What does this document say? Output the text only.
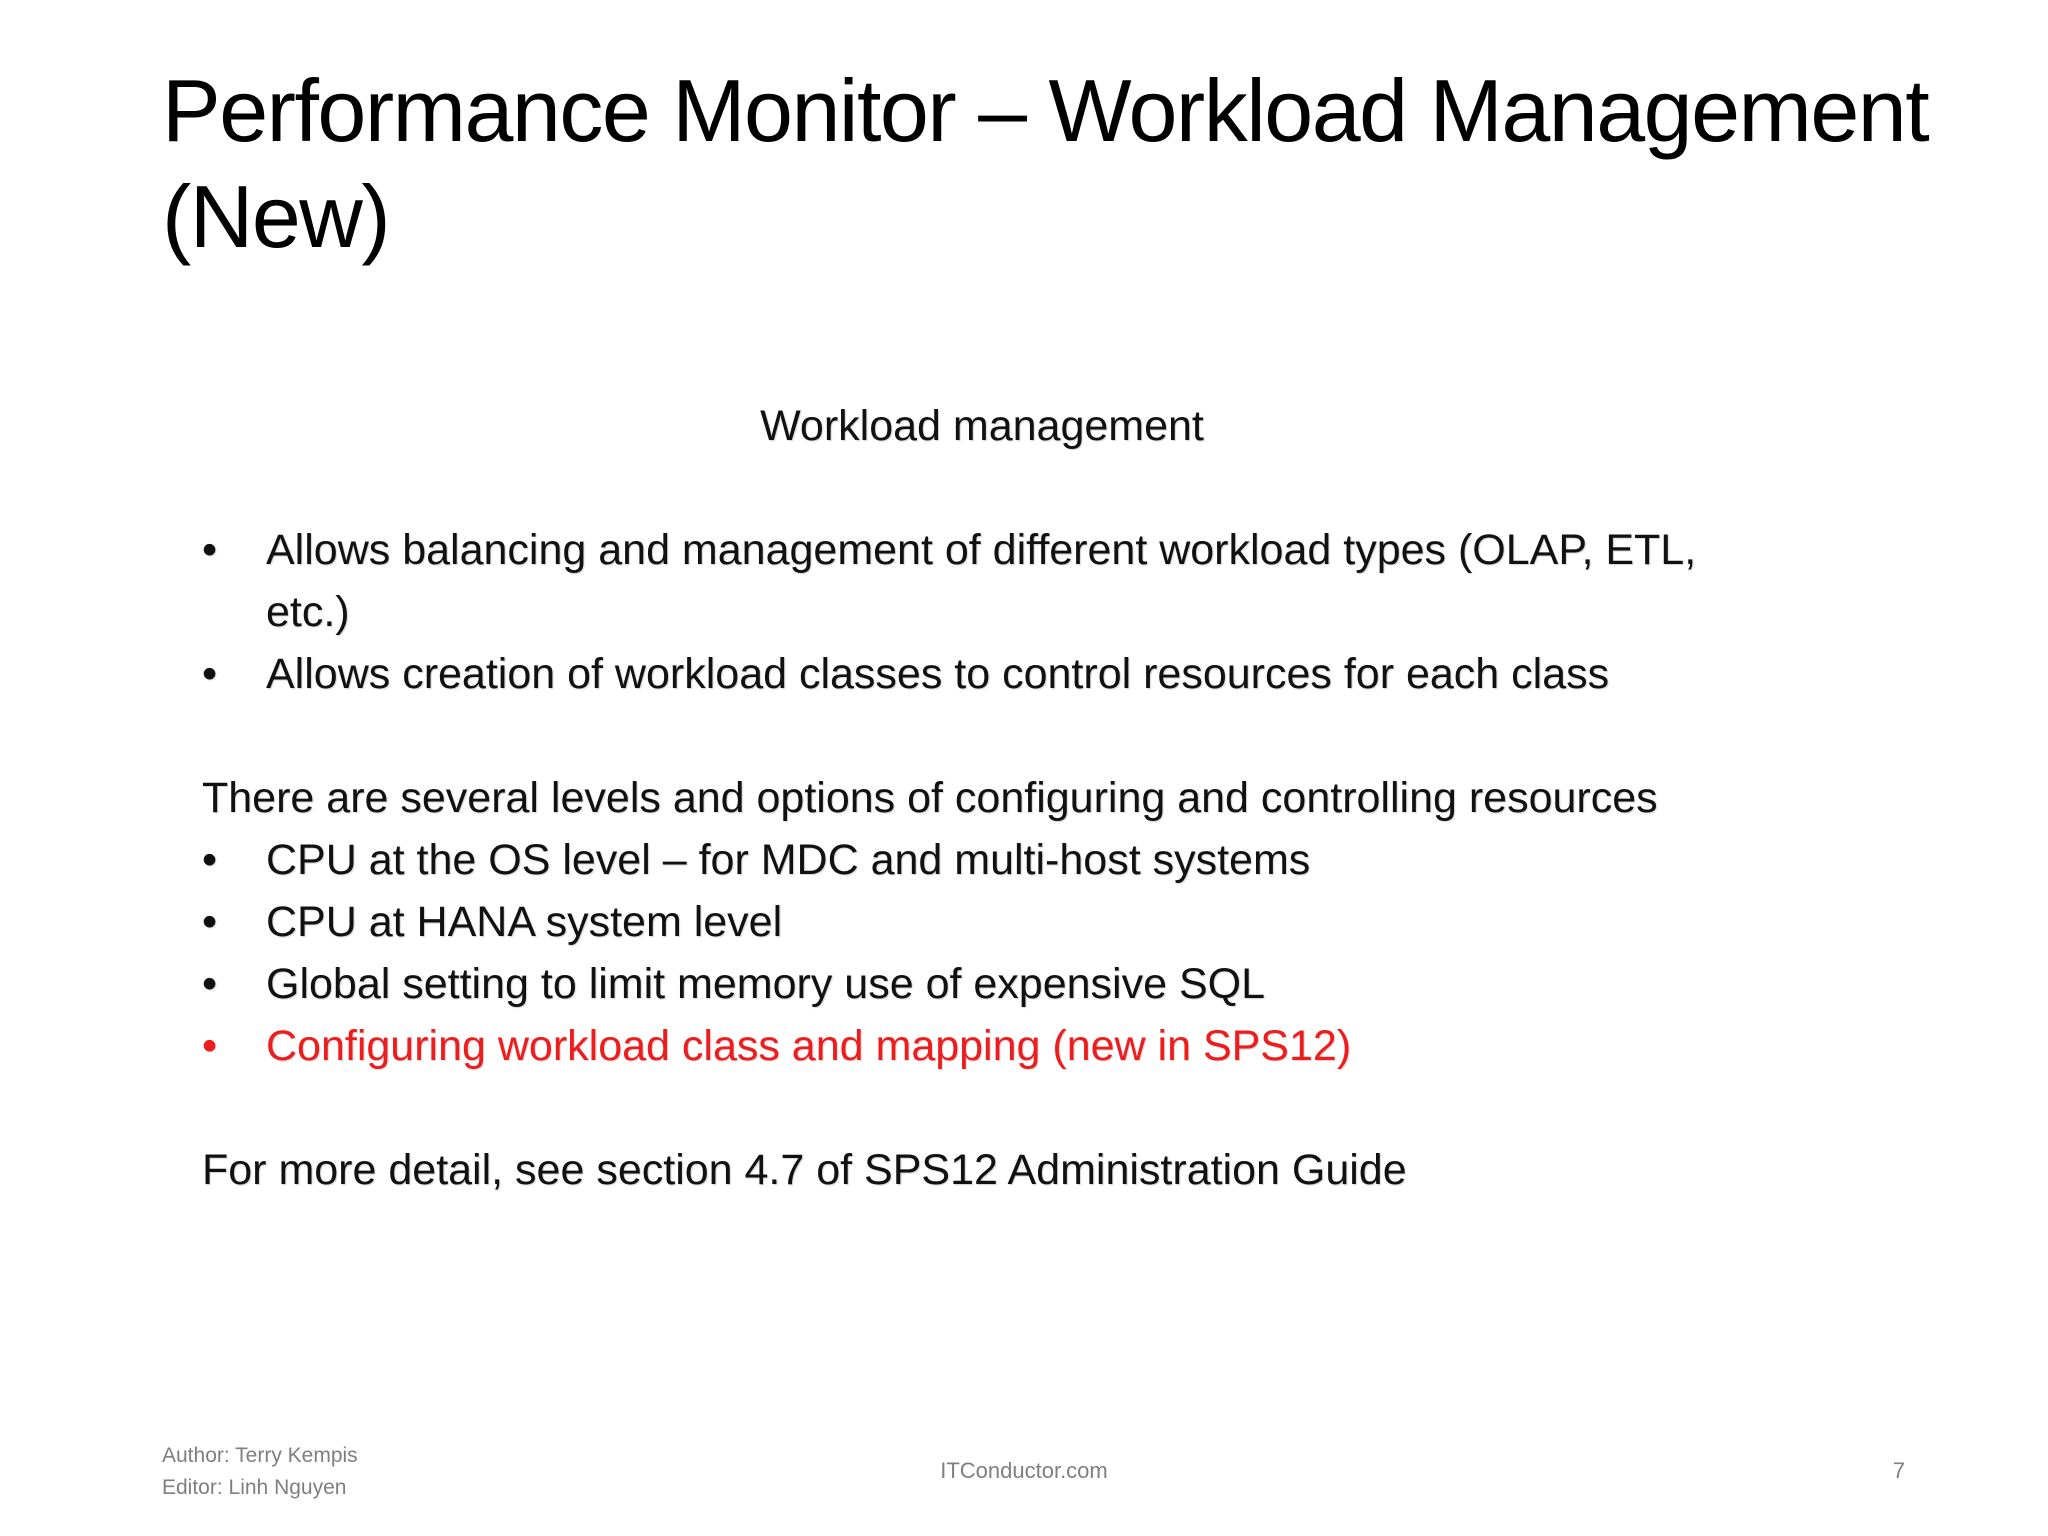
Performance Monitor – Workload Management (New)

Workload management

• Allows balancing and management of different workload types (OLAP, ETL, etc.)
• Allows creation of workload classes to control resources for each class

There are several levels and options of configuring and controlling resources

• CPU at the OS level – for MDC and multi-host systems
• CPU at HANA system level
• Global setting to limit memory use of expensive SQL
• Configuring workload class and mapping (new in SPS12)

For more detail, see section 4.7 of SPS12 Administration Guide

Author: Terry Kempis
Editor: Linh Nguyen
ITConductor.com	7
